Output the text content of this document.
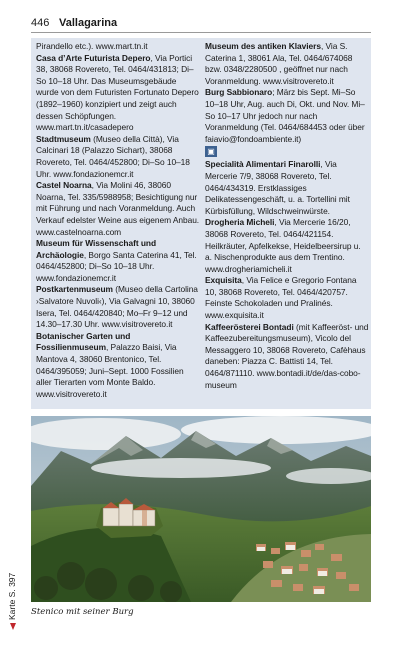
446 Vallagarina

Pirandello etc.). www.mart.tn.it

Casa d’Arte Futurista Depero, Via Portici 38, 38068 Rovereto, Tel. 0464/431813; Di–So 10–18 Uhr. Das Museumsgebäude wurde von dem Futuristen Fortunato Depero (1892–1960) konzipiert und zeigt auch dessen Schöpfungen. www.mart.tn.it/casadepero

Stadtmuseum (Museo della Città), Via Calcinari 18 (Palazzo Sichart), 38068 Rovereto, Tel. 0464/452800; Di–So 10–18 Uhr. www.fondazionemcr.it

Castel Noarna, Via Molini 46, 38060 Noarna, Tel. 335/5988958; Besichtigung nur mit Führung und nach Voranmeldung. Auch Verkauf edelster Weine aus eigenem Anbau. www.castelnoarna.com

Museum für Wissenschaft und Archäologie, Borgo Santa Caterina 41, Tel. 0464/452800; Di–So 10–18 Uhr. www.fondazionemcr.it

Postkartenmuseum (Museo della Cartolina ›Salvatore Nuvoli‹), Via Galvagni 10, 38060 Isera, Tel. 0464/420840; Mo–Fr 9–12 und 14.30–17.30 Uhr. www.visitrovereto.it

Botanischer Garten und Fossilienmuseum, Palazzo Baisi, Via Mantova 4, 38060 Brentonico, Tel. 0464/395059; Juni–Sept. 1000 Fossilien aller Tierarten vom Monte Baldo. www.visitrovereto.it

Museum des antiken Klaviers, Via S. Caterina 1, 38061 Ala, Tel. 0464/674068 bzw. 0348/2280500 , geöffnet nur nach Voranmeldung. www.visitrovereto.it

Burg Sabbionaro; März bis Sept. Mi–So 10–18 Uhr, Aug. auch Di, Okt. und Nov. Mi–So 10–17 Uhr jedoch nur nach Voranmeldung (Tel. 0464/684453 oder über faiavio@fondoambiente.it)

▣

Specialità Alimentari Finarolli, Via Mercerie 7/9, 38068 Rovereto, Tel. 0464/434319. Erstklassiges Delikatessengeschäft, u. a. Tortellini mit Kürbisfüllung, Wildschweinwürste.

Drogheria Micheli, Via Mercerie 16/20, 38068 Rovereto, Tel. 0464/421154. Heilkräuter, Apfelkekse, Heidelbeersirup u. a. Nischenprodukte aus dem Trentino. www.drogheriamicheli.it

Exquisita, Via Felice e Gregorio Fontana 10, 38068 Rovereto, Tel. 0464/420757. Feinste Schokoladen und Pralinés. www.exquisita.it

Kaffeerösterei Bontadi (mit Kaffeeröst- und Kaffeezubereitungsmuseum), Vicolo del Messaggero 10, 38068 Rovereto, Cafèhaus daneben: Piazza C. Battisti 14, Tel. 0464/871110. www.bontadi.it/de/das-cobo-museum

Stenico mit seiner Burg
Karte S. 397
